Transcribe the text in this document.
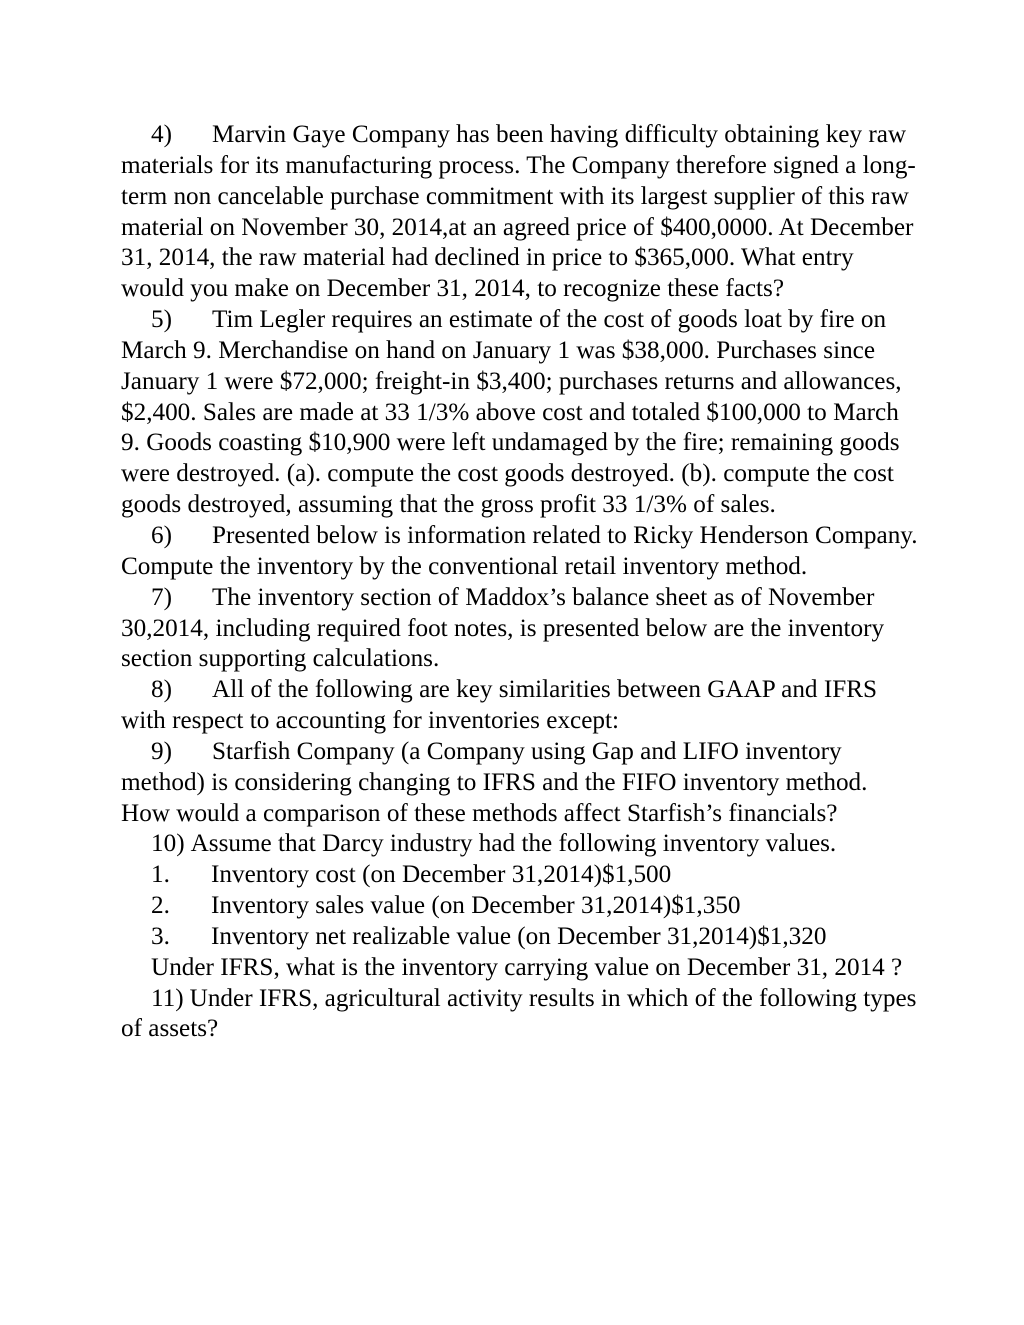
4) Marvin Gaye Company has been having difficulty obtaining key raw materials for its manufacturing process. The Company therefore signed a long-term non cancelable purchase commitment with its largest supplier of this raw material on November 30, 2014,at an agreed price of $400,0000. At December 31, 2014, the raw material had declined in price to $365,000. What entry would you make on December 31, 2014, to recognize these facts?

5) Tim Legler requires an estimate of the cost of goods loat by fire on March 9. Merchandise on hand on January 1 was $38,000. Purchases since January 1 were $72,000; freight-in $3,400; purchases returns and allowances, $2,400. Sales are made at 33 1/3% above cost and totaled $100,000 to March 9. Goods coasting $10,900 were left undamaged by the fire; remaining goods were destroyed. (a). compute the cost goods destroyed. (b). compute the cost goods destroyed, assuming that the gross profit 33 1/3% of sales.

6) Presented below is information related to Ricky Henderson Company. Compute the inventory by the conventional retail inventory method.

7) The inventory section of Maddox’s balance sheet as of November 30,2014, including required foot notes, is presented below are the inventory section supporting calculations.

8) All of the following are key similarities between GAAP and IFRS with respect to accounting for inventories except:

9) Starfish Company (a Company using Gap and LIFO inventory method) is considering changing to IFRS and the FIFO inventory method. How would a comparison of these methods affect Starfish’s financials?

10) Assume that Darcy industry had the following inventory values.

1. Inventory cost (on December 31,2014)$1,500

2. Inventory sales value (on December 31,2014)$1,350

3. Inventory net realizable value (on December 31,2014)$1,320

Under IFRS, what is the inventory carrying value on December 31, 2014 ?

11) Under IFRS, agricultural activity results in which of the following types of assets?
